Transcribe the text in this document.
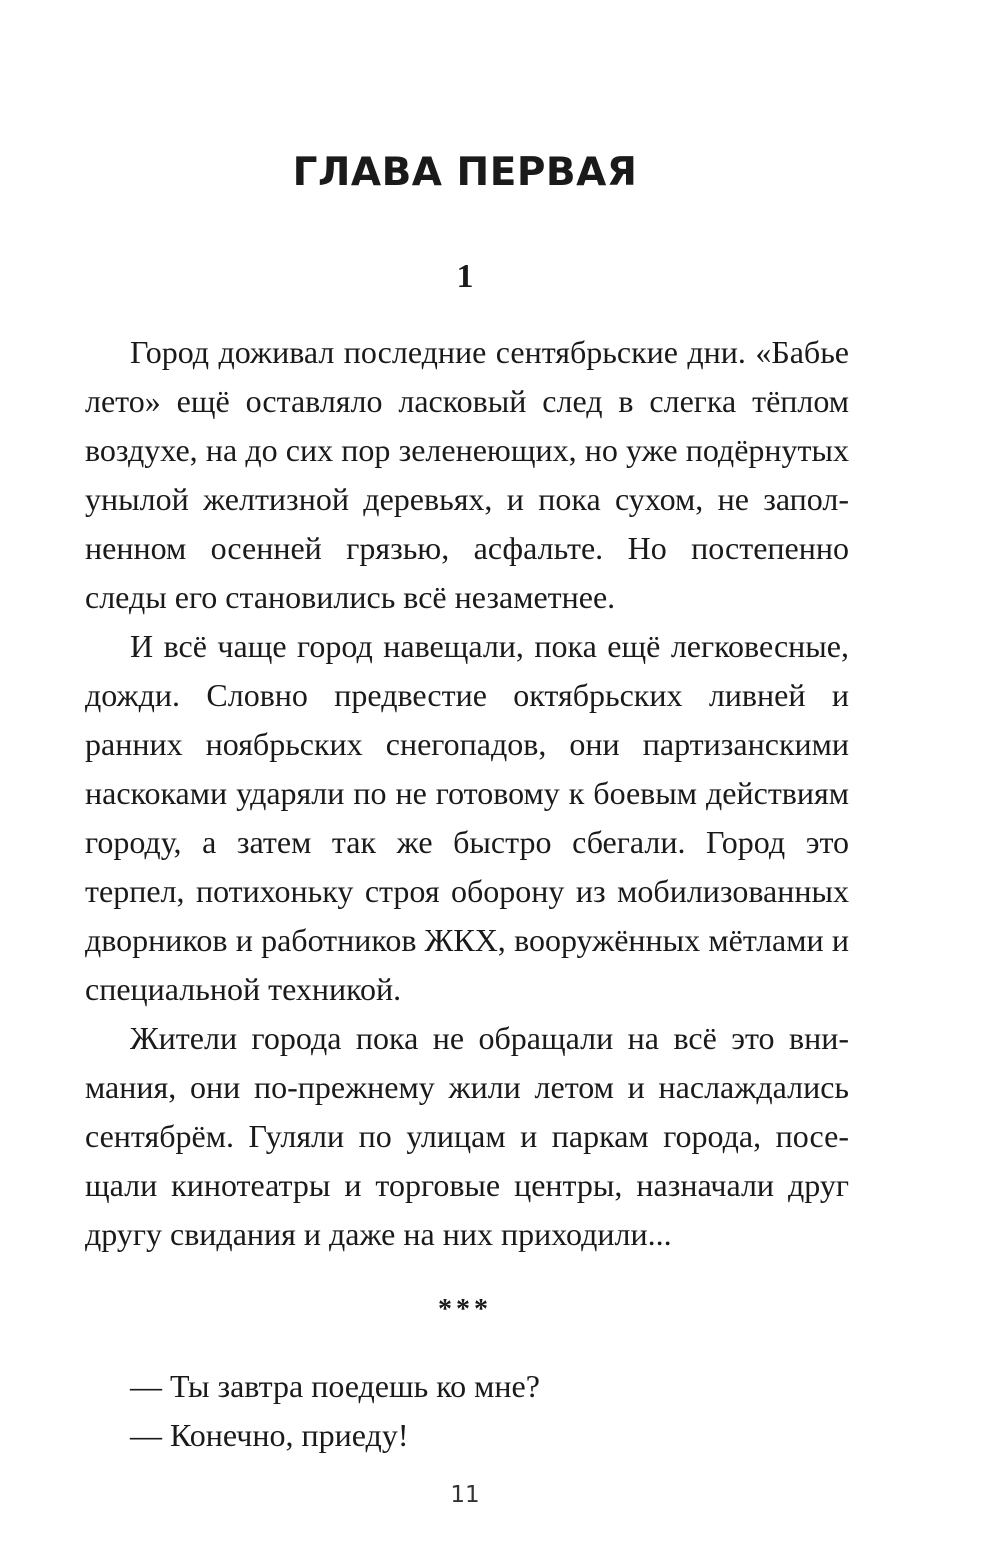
ГЛАВА ПЕРВАЯ
1

Город доживал последние сентябрьские дни. «Бабье лето» ещё оставляло ласковый след в слегка тёплом воздухе, на до сих пор зеленеющих, но уже подёрнутых унылой желтизной деревьях, и пока сухом, не заполненном осенней грязью, асфальте. Но постепенно следы его становились всё незаметнее.

И всё чаще город навещали, пока ещё легковесные, дожди. Словно предвестие октябрьских ливней и ранних ноябрьских снегопадов, они партизанскими наскоками ударяли по не готовому к боевым действиям городу, а затем так же быстро сбегали. Город это терпел, потихоньку строя оборону из мобилизованных дворников и работников ЖКХ, вооружённых мётлами и специальной техникой.

Жители города пока не обращали на всё это внимания, они по-прежнему жили летом и наслаждались сентябрём. Гуляли по улицам и паркам города, посещали кинотеатры и торговые центры, назначали друг другу свидания и даже на них приходили...

***

— Ты завтра поедешь ко мне?

— Конечно, приеду!

11
